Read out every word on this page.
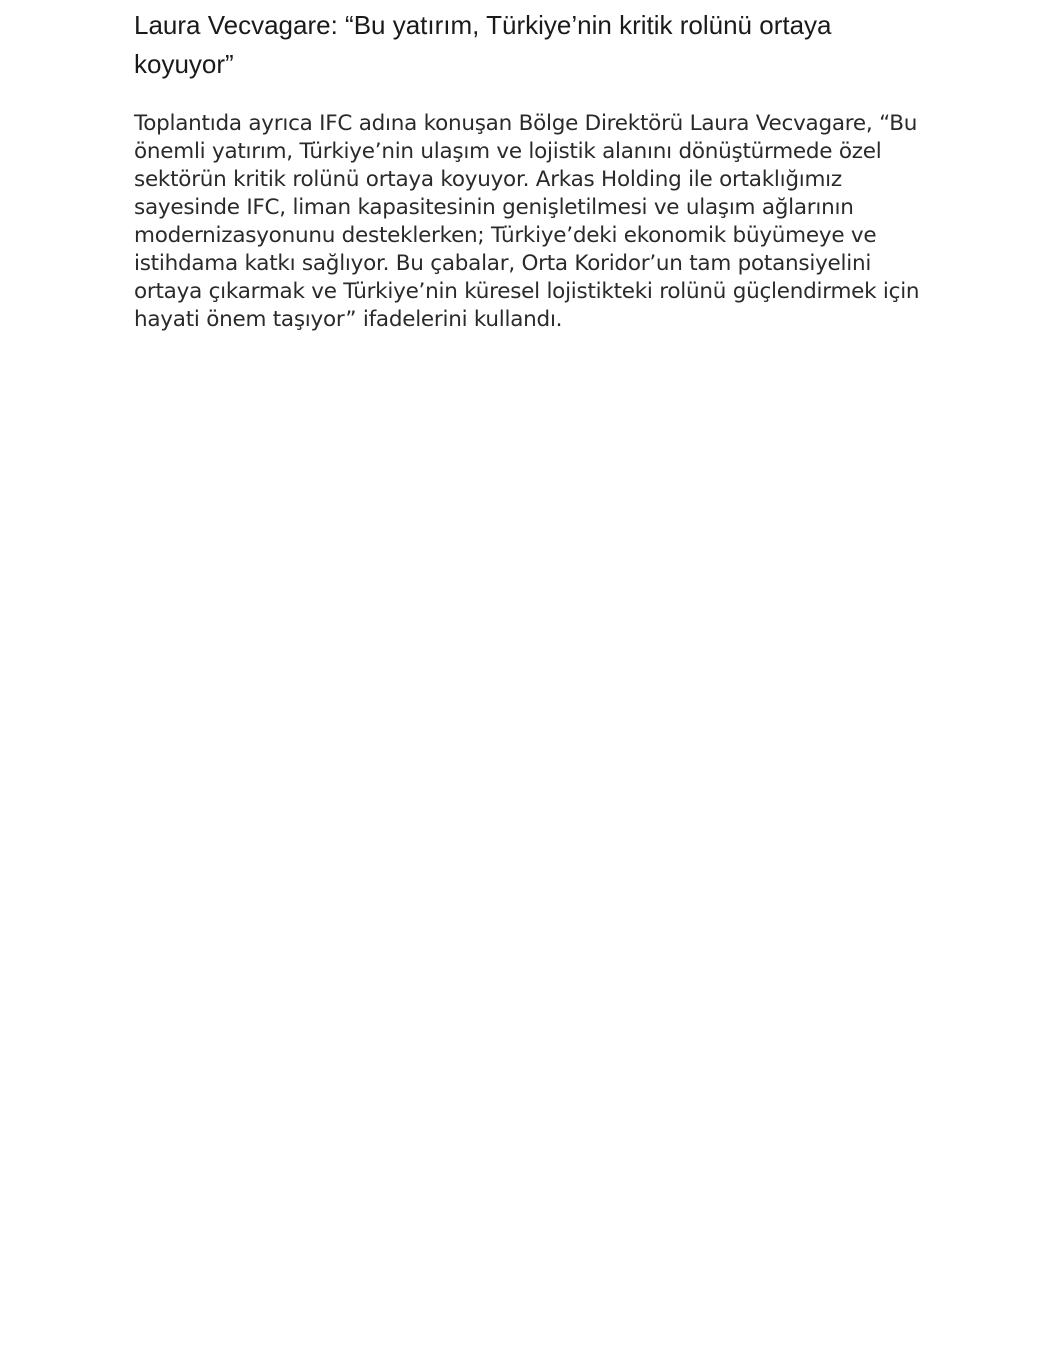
Laura Vecvagare: “Bu yatırım, Türkiye’nin kritik rolünü ortaya koyuyor”

Toplantıda ayrıca IFC adına konuşan Bölge Direktörü Laura Vecvagare, “Bu önemli yatırım, Türkiye’nin ulaşım ve lojistik alanını dönüştürmede özel sektörün kritik rolünü ortaya koyuyor. Arkas Holding ile ortaklığımız sayesinde IFC, liman kapasitesinin genişletilmesi ve ulaşım ağlarının modernizasyonunu desteklerken; Türkiye’deki ekonomik büyümeye ve istihdama katkı sağlıyor. Bu çabalar, Orta Koridor’un tam potansiyelini ortaya çıkarmak ve Türkiye’nin küresel lojistikteki rolünü güçlendirmek için hayati önem taşıyor” ifadelerini kullandı.
